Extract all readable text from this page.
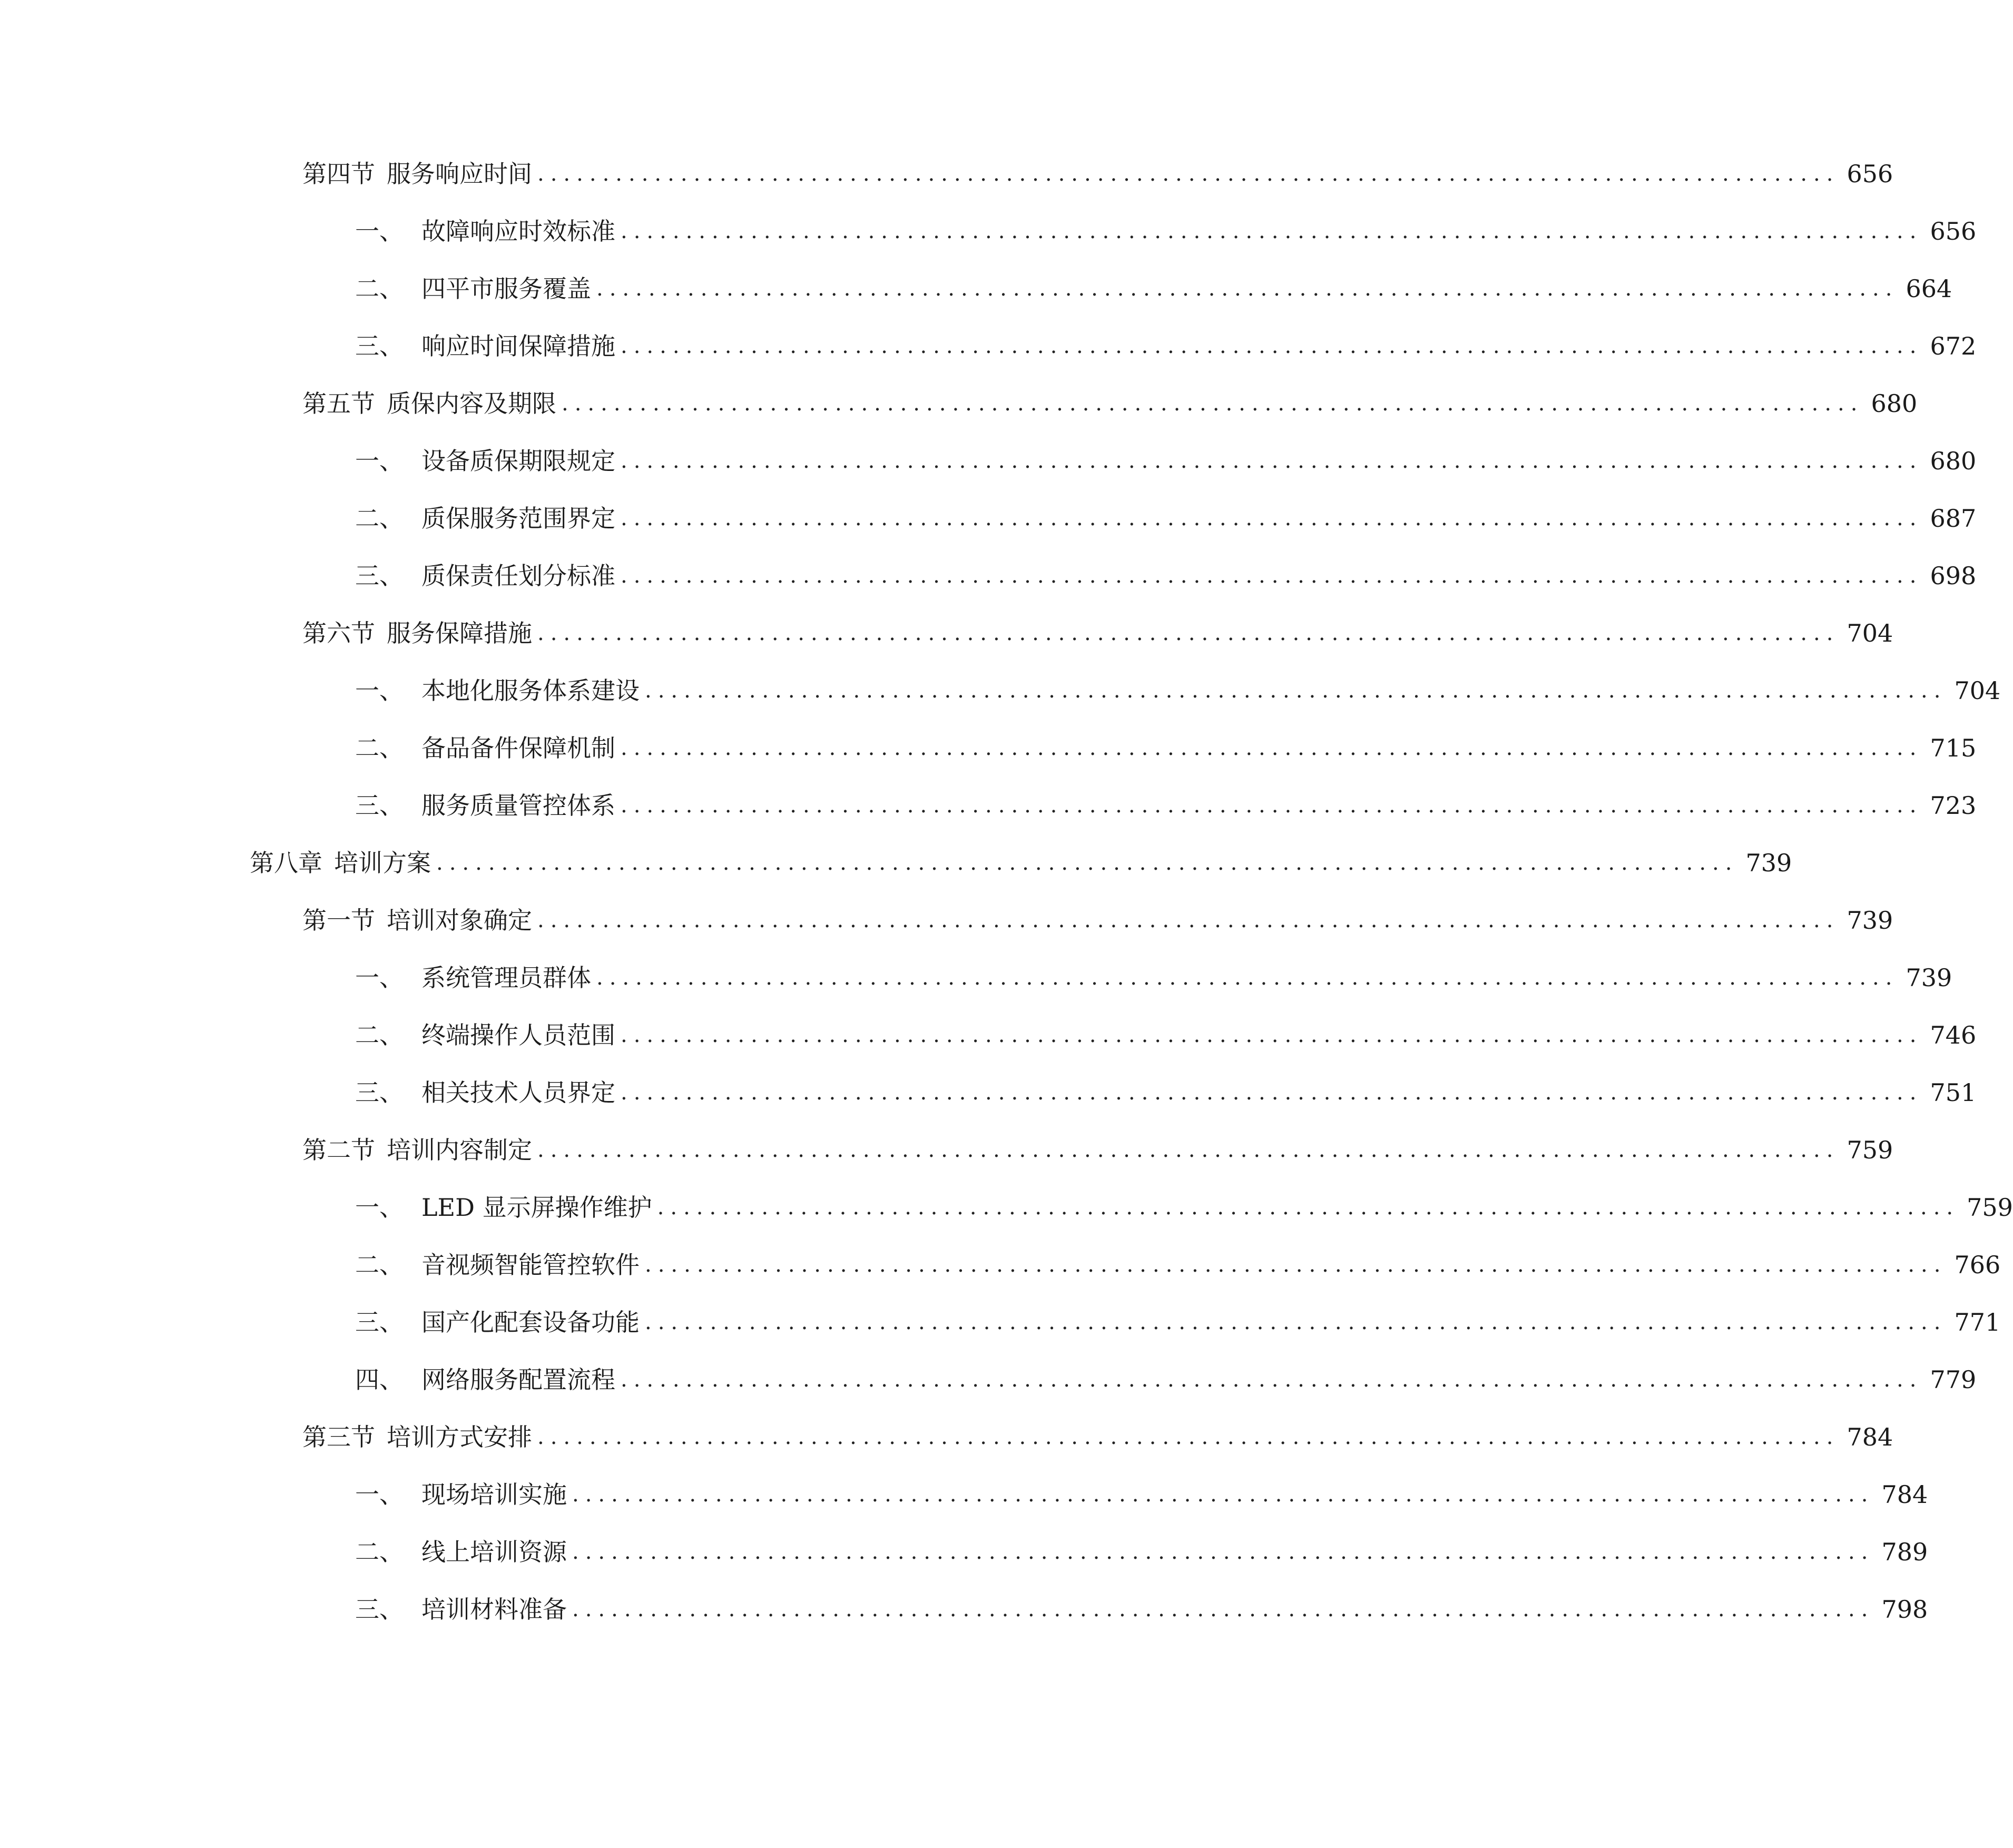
第四节 服务响应时间 .................................................................................................... 656
一、 故障响应时效标准 .................................................................................................... 656
二、 四平市服务覆盖 .................................................................................................... 664
三、 响应时间保障措施 .................................................................................................... 672
第五节 质保内容及期限 .................................................................................................... 680
一、 设备质保期限规定 .................................................................................................... 680
二、 质保服务范围界定 .................................................................................................... 687
三、 质保责任划分标准 .................................................................................................... 698
第六节 服务保障措施 .................................................................................................... 704
一、 本地化服务体系建设 .................................................................................................... 704
二、 备品备件保障机制 .................................................................................................... 715
三、 服务质量管控体系 .................................................................................................... 723
第八章 培训方案 .................................................................................................... 739
第一节 培训对象确定 .................................................................................................... 739
一、 系统管理员群体 .................................................................................................... 739
二、 终端操作人员范围 .................................................................................................... 746
三、 相关技术人员界定 .................................................................................................... 751
第二节 培训内容制定 .................................................................................................... 759
一、 LED 显示屏操作维护 .................................................................................................... 759
二、 音视频智能管控软件 .................................................................................................... 766
三、 国产化配套设备功能 .................................................................................................... 771
四、 网络服务配置流程 .................................................................................................... 779
第三节 培训方式安排 .................................................................................................... 784
一、 现场培训实施 .................................................................................................... 784
二、 线上培训资源 .................................................................................................... 789
三、 培训材料准备 .................................................................................................... 798
